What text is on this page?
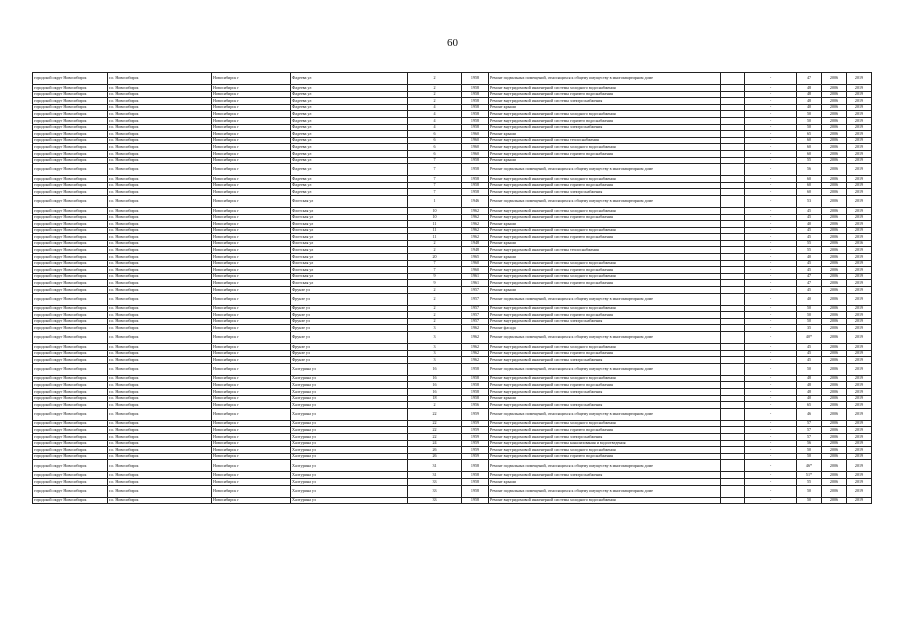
60
городской округ Новосибирск	г.о. Новосибирск	Новосибирск г	Фадеева ул	2	1958	Ремонт подвальных помещений, относящихся к общему имуществу в многоквартирном доме		-	47	2006	2019
городской округ Новосибирск	г.о. Новосибирск	Новосибирск г	Фадеева ул	2	1958	Ремонт внутридомовой инженерной системы холодного водоснабжения		-	48	2006	2019
городской округ Новосибирск	г.о. Новосибирск	Новосибирск г	Фадеева ул	2	1958	Ремонт внутридомовой инженерной системы горячего водоснабжения		-	48	2006	2019
городской округ Новосибирск	г.о. Новосибирск	Новосибирск г	Фадеева ул	2	1958	Ремонт внутридомовой инженерной системы электроснабжения		-	48	2006	2019
городской округ Новосибирск	г.о. Новосибирск	Новосибирск г	Фадеева ул	4	1958	Ремонт крыши		-	40	2006	2019
городской округ Новосибирск	г.о. Новосибирск	Новосибирск г	Фадеева ул	4	1958	Ремонт внутридомовой инженерной системы холодного водоснабжения		-	50	2006	2019
городской округ Новосибирск	г.о. Новосибирск	Новосибирск г	Фадеева ул	4	1958	Ремонт внутридомовой инженерной системы горячего водоснабжения		-	50	2006	2019
городской округ Новосибирск	г.о. Новосибирск	Новосибирск г	Фадеева ул	4	1958	Ремонт внутридомовой инженерной системы электроснабжения		-	50	2006	2019
городской округ Новосибирск	г.о. Новосибирск	Новосибирск г	Фадеева ул	6	1960	Ремонт крыши		-	65	2006	2019
городской округ Новосибирск	г.о. Новосибирск	Новосибирск г	Фадеева ул	6	1960	Ремонт внутридомовой инженерной системы теплоснабжения		-	60	2006	2019
городской округ Новосибирск	г.о. Новосибирск	Новосибирск г	Фадеева ул	6	1960	Ремонт внутридомовой инженерной системы холодного водоснабжения		-	60	2006	2019
городской округ Новосибирск	г.о. Новосибирск	Новосибирск г	Фадеева ул	6	1960	Ремонт внутридомовой инженерной системы горячего водоснабжения		-	60	2006	2019
городской округ Новосибирск	г.о. Новосибирск	Новосибирск г	Фадеева ул	7	1958	Ремонт крыши		-	55	2006	2019
городской округ Новосибирск	г.о. Новосибирск	Новосибирск г	Фадеева ул	7	1958	Ремонт подвальных помещений, относящихся к общему имуществу в многоквартирном доме		-	56	2006	2019
городской округ Новосибирск	г.о. Новосибирск	Новосибирск г	Фадеева ул	7	1958	Ремонт внутридомовой инженерной системы холодного водоснабжения		-	60	2006	2019
городской округ Новосибирск	г.о. Новосибирск	Новосибирск г	Фадеева ул	7	1958	Ремонт внутридомовой инженерной системы горячего водоснабжения		-	60	2006	2019
городской округ Новосибирск	г.о. Новосибирск	Новосибирск г	Фадеева ул	7	1958	Ремонт внутридомовой инженерной системы электроснабжения		-	60	2006	2019
городской округ Новосибирск	г.о. Новосибирск	Новосибирск г	Флотская ул	1	1946	Ремонт подвальных помещений, относящихся к общему имуществу в многоквартирном доме		-	53	2006	2019
городской округ Новосибирск	г.о. Новосибирск	Новосибирск г	Флотская ул	10	1962	Ремонт внутридомовой инженерной системы холодного водоснабжения		-	45	2006	2019
городской округ Новосибирск	г.о. Новосибирск	Новосибирск г	Флотская ул	10	1962	Ремонт внутридомовой инженерной системы горячего водоснабжения		-	45	2006	2019
городской округ Новосибирск	г.о. Новосибирск	Новосибирск г	Флотская ул	11	1962	Ремонт крыши		-	40	2006	2019
городской округ Новосибирск	г.о. Новосибирск	Новосибирск г	Флотская ул	11	1962	Ремонт внутридомовой инженерной системы холодного водоснабжения		-	45	2006	2019
городской округ Новосибирск	г.о. Новосибирск	Новосибирск г	Флотская ул	11	1962	Ремонт внутридомовой инженерной системы горячего водоснабжения		-	45	2006	2019
городской округ Новосибирск	г.о. Новосибирск	Новосибирск г	Флотская ул	2	1948	Ремонт крыши		-	55	2006	2016
городской округ Новосибирск	г.о. Новосибирск	Новосибирск г	Флотская ул	2	1948	Ремонт внутридомовой инженерной системы теплоснабжения		-	55	2006	2019
городской округ Новосибирск	г.о. Новосибирск	Новосибирск г	Флотская ул	20	1965	Ремонт крыши		-	40	2006	2019
городской округ Новосибирск	г.о. Новосибирск	Новосибирск г	Флотская ул	7	1960	Ремонт внутридомовой инженерной системы холодного водоснабжения		-	45	2006	2019
городской округ Новосибирск	г.о. Новосибирск	Новосибирск г	Флотская ул	7	1960	Ремонт внутридомовой инженерной системы горячего водоснабжения		-	45	2006	2019
городской округ Новосибирск	г.о. Новосибирск	Новосибирск г	Флотская ул	9	1961	Ремонт внутридомовой инженерной системы холодного водоснабжения		-	47	2006	2019
городской округ Новосибирск	г.о. Новосибирск	Новосибирск г	Флотская ул	9	1961	Ремонт внутридомовой инженерной системы горячего водоснабжения		-	47	2006	2019
городской округ Новосибирск	г.о. Новосибирск	Новосибирск г	Фрунзе ул	2	1957	Ремонт крыши		-	45	2006	2019
городской округ Новосибирск	г.о. Новосибирск	Новосибирск г	Фрунзе ул	2	1957	Ремонт подвальных помещений, относящихся к общему имуществу в многоквартирном доме		-	40	2006	2019
городской округ Новосибирск	г.о. Новосибирск	Новосибирск г	Фрунзе ул	2	1957	Ремонт внутридомовой инженерной системы холодного водоснабжения		-	50	2006	2019
городской округ Новосибирск	г.о. Новосибирск	Новосибирск г	Фрунзе ул	2	1957	Ремонт внутридомовой инженерной системы горячего водоснабжения		-	50	2006	2019
городской округ Новосибирск	г.о. Новосибирск	Новосибирск г	Фрунзе ул	2	1957	Ремонт внутридомовой инженерной системы электроснабжения		-	50	2006	2019
городской округ Новосибирск	г.о. Новосибирск	Новосибирск г	Фрунзе ул	3	1962	Ремонт фасада		-	35	2006	2019
городской округ Новосибирск	г.о. Новосибирск	Новосибирск г	Фрунзе ул	3	1962	Ремонт подвальных помещений, относящихся к общему имуществу в многоквартирном доме		-	40*	2006	2019
городской округ Новосибирск	г.о. Новосибирск	Новосибирск г	Фрунзе ул	3	1962	Ремонт внутридомовой инженерной системы холодного водоснабжения		-	45	2006	2019
городской округ Новосибирск	г.о. Новосибирск	Новосибирск г	Фрунзе ул	3	1962	Ремонт внутридомовой инженерной системы горячего водоснабжения		-	45	2006	2019
городской округ Новосибирск	г.о. Новосибирск	Новосибирск г	Фрунзе ул	3	1962	Ремонт внутридомовой инженерной системы электроснабжения		-	45	2006	2019
городской округ Новосибирск	г.о. Новосибирск	Новосибирск г	Халтурина ул	16	1958	Ремонт подвальных помещений, относящихся к общему имуществу в многоквартирном доме		-	50	2006	2019
городской округ Новосибирск	г.о. Новосибирск	Новосибирск г	Халтурина ул	16	1958	Ремонт внутридомовой инженерной системы холодного водоснабжения		-	48	2006	2019
городской округ Новосибирск	г.о. Новосибирск	Новосибирск г	Халтурина ул	16	1958	Ремонт внутридомовой инженерной системы горячего водоснабжения		-	48	2006	2019
городской округ Новосибирск	г.о. Новосибирск	Новосибирск г	Халтурина ул	16	1958	Ремонт внутридомовой инженерной системы электроснабжения		-	48	2006	2019
городской округ Новосибирск	г.о. Новосибирск	Новосибирск г	Халтурина ул	18	1958	Ремонт крыши		-	40	2006	2019
городской округ Новосибирск	г.о. Новосибирск	Новосибирск г	Халтурина ул	2	1956	Ремонт внутридомовой инженерной системы электроснабжения		-	65	2006	2019
городской округ Новосибирск	г.о. Новосибирск	Новосибирск г	Халтурина ул	22	1959	Ремонт подвальных помещений, относящихся к общему имуществу в многоквартирном доме		-	46	2006	2019
городской округ Новосибирск	г.о. Новосибирск	Новосибирск г	Халтурина ул	22	1959	Ремонт внутридомовой инженерной системы холодного водоснабжения		-	57	2006	2019
городской округ Новосибирск	г.о. Новосибирск	Новосибирск г	Халтурина ул	22	1959	Ремонт внутридомовой инженерной системы горячего водоснабжения		-	57	2006	2019
городской округ Новосибирск	г.о. Новосибирск	Новосибирск г	Халтурина ул	22	1959	Ремонт внутридомовой инженерной системы электроснабжения		-	57	2006	2019
городской округ Новосибирск	г.о. Новосибирск	Новосибирск г	Халтурина ул	24	1959	Ремонт внутридомовой инженерной системы канализования и водоотведения		-	56	2006	2019
городской округ Новосибирск	г.о. Новосибирск	Новосибирск г	Халтурина ул	26	1959	Ремонт внутридомовой инженерной системы холодного водоснабжения		-	50	2006	2019
городской округ Новосибирск	г.о. Новосибирск	Новосибирск г	Халтурина ул	26	1959	Ремонт внутридомовой инженерной системы горячего водоснабжения		-	50	2006	2019
городской округ Новосибирск	г.о. Новосибирск	Новосибирск г	Халтурина ул	31	1958	Ремонт подвальных помещений, относящихся к общему имуществу в многоквартирном доме		-	46*	2006	2019
городской округ Новосибирск	г.о. Новосибирск	Новосибирск г	Халтурина ул	31	1958	Ремонт внутридомовой инженерной системы электроснабжения		-	51*	2006	2019
городской округ Новосибирск	г.о. Новосибирск	Новосибирск г	Халтурина ул	33	1958	Ремонт крыши		-	55	2006	2019
городской округ Новосибирск	г.о. Новосибирск	Новосибирск г	Халтурина ул	33	1958	Ремонт подвальных помещений, относящихся к общему имуществу в многоквартирном доме		-	50	2006	2019
городской округ Новосибирск	г.о. Новосибирск	Новосибирск г	Халтурина ул	33	1958	Ремонт внутридомовой инженерной системы холодного водоснабжения		-	50	2006	2019
